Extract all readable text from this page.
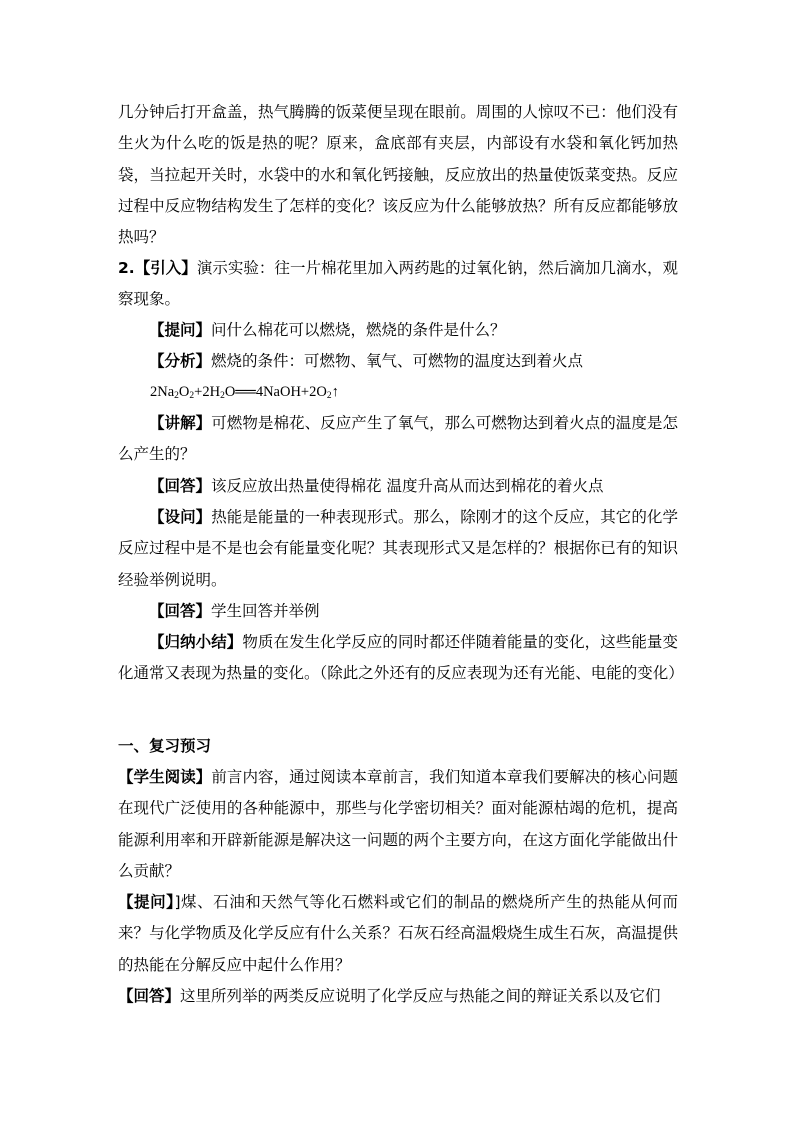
几分钟后打开盒盖，热气腾腾的饭菜便呈现在眼前。周围的人惊叹不已：他们没有生火为什么吃的饭是热的呢？原来，盒底部有夹层，内部设有水袋和氧化钙加热袋，当拉起开关时，水袋中的水和氧化钙接触，反应放出的热量使饭菜变热。反应过程中反应物结构发生了怎样的变化？该反应为什么能够放热？所有反应都能够放热吗？

2.【引入】演示实验：往一片棉花里加入两药匙的过氧化钠，然后滴加几滴水，观察现象。

【提问】问什么棉花可以燃烧，燃烧的条件是什么？

【分析】燃烧的条件：可燃物、氧气、可燃物的温度达到着火点

$2Na_2O_2+2H_2O══4NaOH+2O_2↑$

【讲解】可燃物是棉花、反应产生了氧气，那么可燃物达到着火点的温度是怎么产生的？

【回答】该反应放出热量使得棉花 温度升高从而达到棉花的着火点

【设问】热能是能量的一种表现形式。那么，除刚才的这个反应，其它的化学反应过程中是不是也会有能量变化呢？其表现形式又是怎样的？根据你已有的知识经验举例说明。

【回答】学生回答并举例

【归纳小结】物质在发生化学反应的同时都还伴随着能量的变化，这些能量变化通常又表现为热量的变化。（除此之外还有的反应表现为还有光能、电能的变化）

一、复习预习

【学生阅读】前言内容，通过阅读本章前言，我们知道本章我们要解决的核心问题 在现代广泛使用的各种能源中，那些与化学密切相关？面对能源枯竭的危机，提高能源利用率和开辟新能源是解决这一问题的两个主要方向，在这方面化学能做出什么贡献？

【提问】]煤、石油和天然气等化石燃料或它们的制品的燃烧所产生的热能从何而来？与化学物质及化学反应有什么关系？石灰石经高温煅烧生成生石灰，高温提供的热能在分解反应中起什么作用？

【回答】这里所列举的两类反应说明了化学反应与热能之间的辩证关系以及它们
